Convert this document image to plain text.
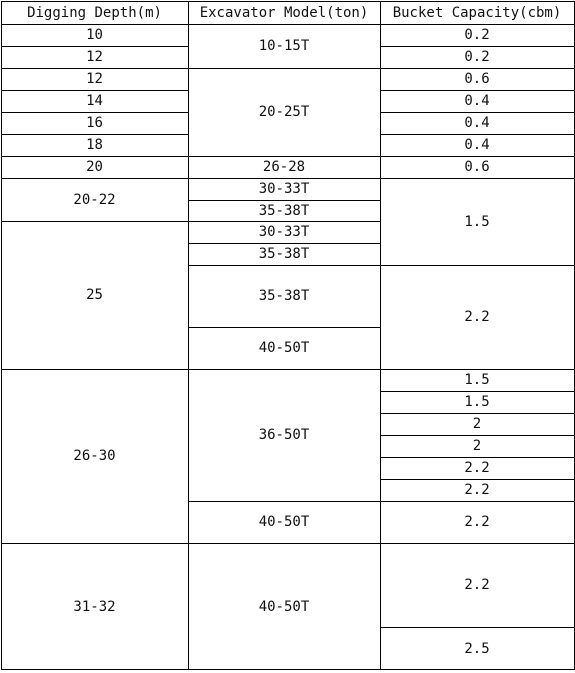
Digging Depth(m)	Excavator Model(ton)	Bucket Capacity(cbm)
10
12
12
14
16
18
20
20-22
25
26-30
31-32
10-15T
20-25T
26-28
30-33T
35-38T
30-33T
35-38T
35-38T
40-50T
36-50T
40-50T
40-50T
0.2
0.2
0.6
0.4
0.4
0.4
0.6
1.5
2.2
1.5
1.5
2
2
2.2
2.2
2.2
2.2
2.5
